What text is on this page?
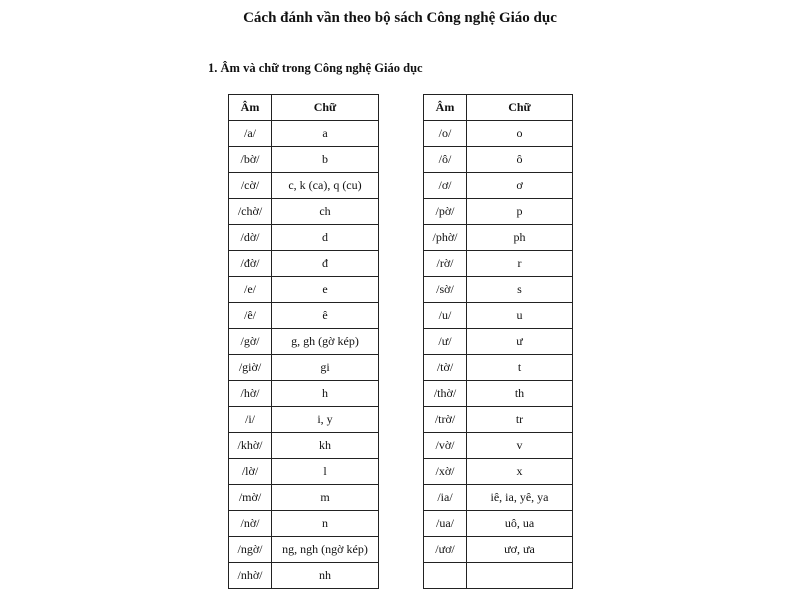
Cách đánh vần theo bộ sách Công nghệ Giáo dục
1. Âm và chữ trong Công nghệ Giáo dục
Âm	Chữ
/a/	a
/bờ/	b
/cờ/	c, k (ca), q (cu)
/chờ/	ch
/dờ/	d
/đờ/	đ
/e/	e
/ê/	ê
/gờ/	g, gh (gờ kép)
/giờ/	gi
/hờ/	h
/i/	i, y
/khờ/	kh
/lờ/	l
/mờ/	m
/nờ/	n
/ngờ/	ng, ngh (ngờ kép)
/nhờ/	nh
Âm	Chữ
/o/	o
/ô/	ô
/ơ/	ơ
/pờ/	p
/phờ/	ph
/rờ/	r
/sờ/	s
/u/	u
/ư/	ư
/tờ/	t
/thờ/	th
/trờ/	tr
/vờ/	v
/xờ/	x
/ia/	iê, ia, yê, ya
/ua/	uô, ua
/ươ/	ươ, ưa
